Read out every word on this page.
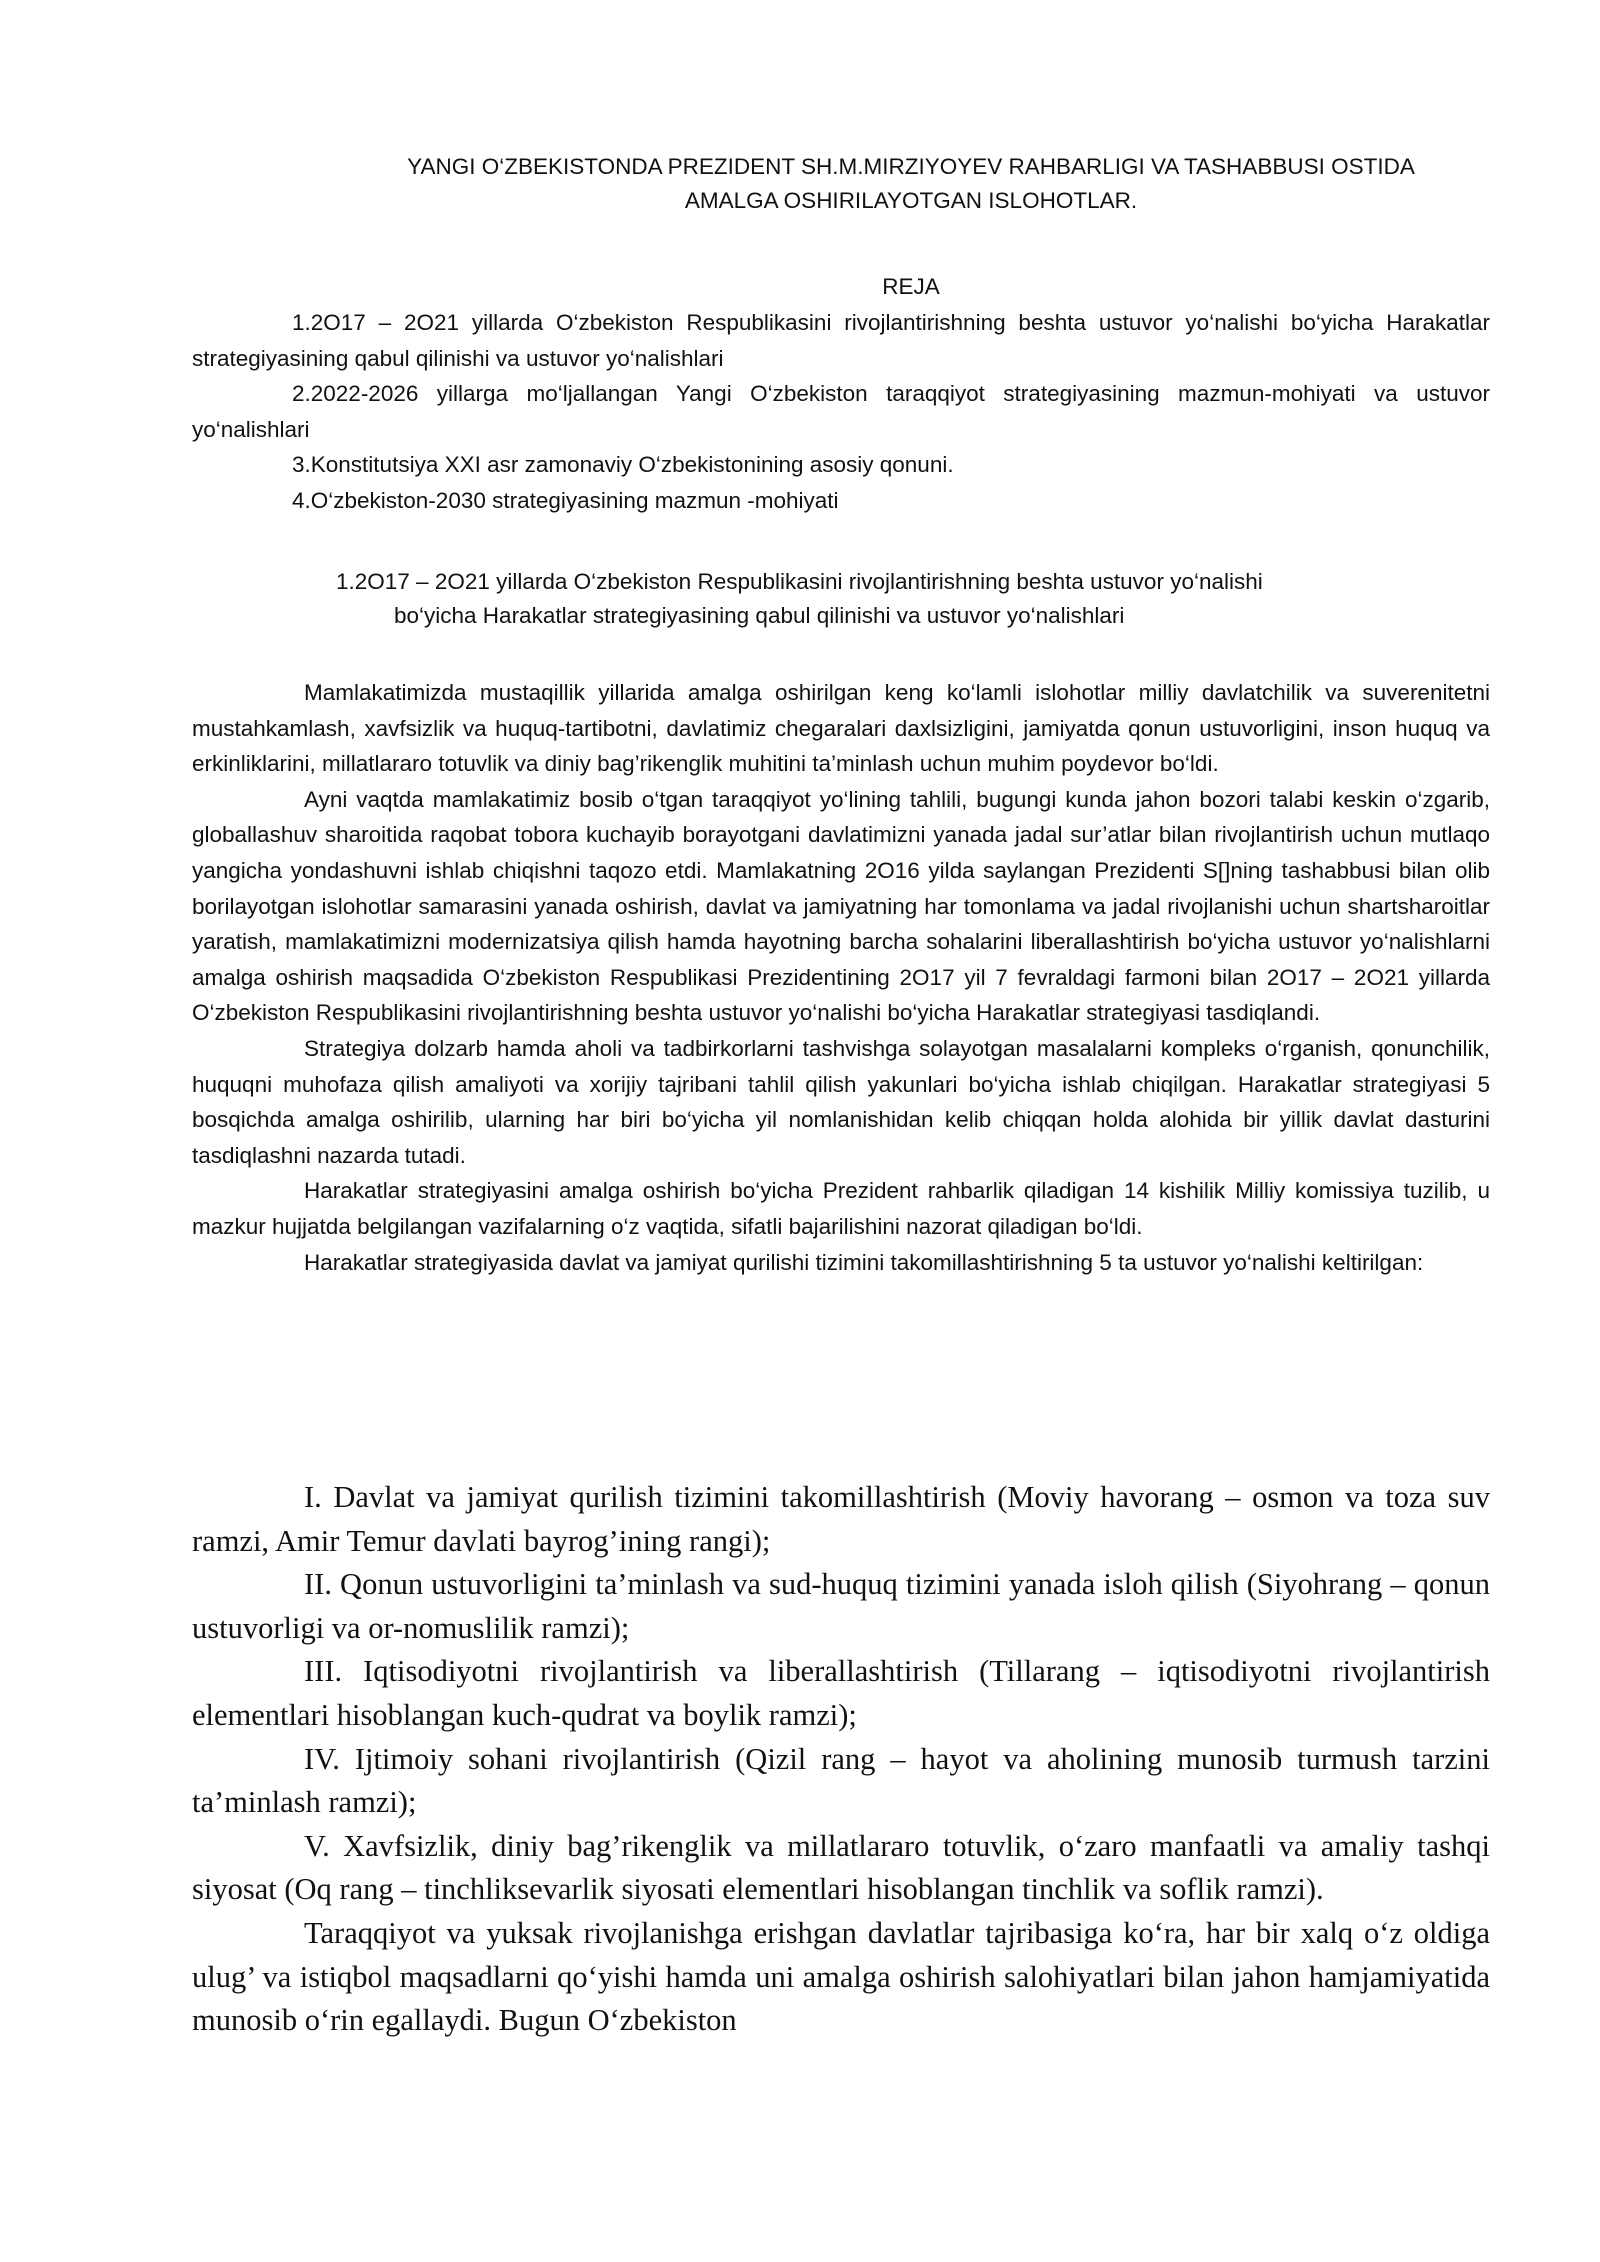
YANGI O‘ZBEKISTONDA PREZIDENT SH.M.MIRZIYOYEV RAHBARLIGI VA TASHABBUSI OSTIDA
AMALGA OSHIRILAYOTGAN ISLOHOTLAR.
REJA

1.2O17 – 2O21 yillarda O‘zbekiston Respublikasini rivojlantirishning beshta ustuvor yo‘nalishi bo‘yicha Harakatlar strategiyasining qabul qilinishi va ustuvor yo‘nalishlari

2.2022-2026 yillarga mo‘ljallangan Yangi O‘zbekiston taraqqiyot strategiyasining mazmun-mohiyati va ustuvor yo‘nalishlari

3.Konstitutsiya XXI asr zamonaviy O‘zbekistonining asosiy qonuni.

4.O‘zbekiston-2030 strategiyasining mazmun -mohiyati

1.2O17 – 2O21 yillarda O‘zbekiston Respublikasini rivojlantirishning beshta ustuvor yo‘nalishi
bo‘yicha Harakatlar strategiyasining qabul qilinishi va ustuvor yo‘nalishlari

Mamlakatimizda mustaqillik yillarida amalga oshirilgan keng ko‘lamli islohotlar milliy davlatchilik va suverenitetni mustahkamlash, xavfsizlik va huquq-tartibotni, davlatimiz chegaralari daxlsizligini, jamiyatda qonun ustuvorligini, inson huquq va erkinliklarini, millatlararo totuvlik va diniy bag’rikenglik muhitini ta’minlash uchun muhim poydevor bo‘ldi.

Ayni vaqtda mamlakatimiz bosib o‘tgan taraqqiyot yo‘lining tahlili, bugungi kunda jahon bozori talabi keskin o‘zgarib, globallashuv sharoitida raqobat tobora kuchayib borayotgani davlatimizni yanada jadal sur’atlar bilan rivojlantirish uchun mutlaqo yangicha yondashuvni ishlab chiqishni taqozo etdi. Mamlakatning 2O16 yilda saylangan Prezidenti S[]ning tashabbusi bilan olib borilayotgan islohotlar samarasini yanada oshirish, davlat va jamiyatning har tomonlama va jadal rivojlanishi uchun shartsharoitlar yaratish, mamlakatimizni modernizatsiya qilish hamda hayotning barcha sohalarini liberallashtirish bo‘yicha ustuvor yo‘nalishlarni amalga oshirish maqsadida O‘zbekiston Respublikasi Prezidentining 2O17 yil 7 fevraldagi farmoni bilan 2O17 – 2O21 yillarda O‘zbekiston Respublikasini rivojlantirishning beshta ustuvor yo‘nalishi bo‘yicha Harakatlar strategiyasi tasdiqlandi.

Strategiya dolzarb hamda aholi va tadbirkorlarni tashvishga solayotgan masalalarni kompleks o‘rganish, qonunchilik, huquqni muhofaza qilish amaliyoti va xorijiy tajribani tahlil qilish yakunlari bo‘yicha ishlab chiqilgan. Harakatlar strategiyasi 5 bosqichda amalga oshirilib, ularning har biri bo‘yicha yil nomlanishidan kelib chiqqan holda alohida bir yillik davlat dasturini tasdiqlashni nazarda tutadi.

Harakatlar strategiyasini amalga oshirish bo‘yicha Prezident rahbarlik qiladigan 14 kishilik Milliy komissiya tuzilib, u mazkur hujjatda belgilangan vazifalarning o‘z vaqtida, sifatli bajarilishini nazorat qiladigan bo‘ldi.

Harakatlar strategiyasida davlat va jamiyat qurilishi tizimini takomillashtirishning 5 ta ustuvor yo‘nalishi keltirilgan:

I. Davlat va jamiyat qurilish tizimini takomillashtirish (Moviy havorang – osmon va toza suv ramzi, Amir Temur davlati bayrog’ining rangi);

II. Qonun ustuvorligini ta’minlash va sud-huquq tizimini yanada isloh qilish (Siyohrang – qonun ustuvorligi va or-nomuslilik ramzi);

III. Iqtisodiyotni rivojlantirish va liberallashtirish (Tillarang – iqtisodiyotni rivojlantirish elementlari hisoblangan kuch-qudrat va boylik ramzi);

IV. Ijtimoiy sohani rivojlantirish (Qizil rang – hayot va aholining munosib turmush tarzini ta’minlash ramzi);

V. Xavfsizlik, diniy bag’rikenglik va millatlararo totuvlik, o‘zaro manfaatli va amaliy tashqi siyosat (Oq rang – tinchliksevarlik siyosati elementlari hisoblangan tinchlik va soflik ramzi).

Taraqqiyot va yuksak rivojlanishga erishgan davlatlar tajribasiga ko‘ra, har bir xalq o‘z oldiga ulug’ va istiqbol maqsadlarni qo‘yishi hamda uni amalga oshirish salohiyatlari bilan jahon hamjamiyatida munosib o‘rin egallaydi. Bugun O‘zbekiston
